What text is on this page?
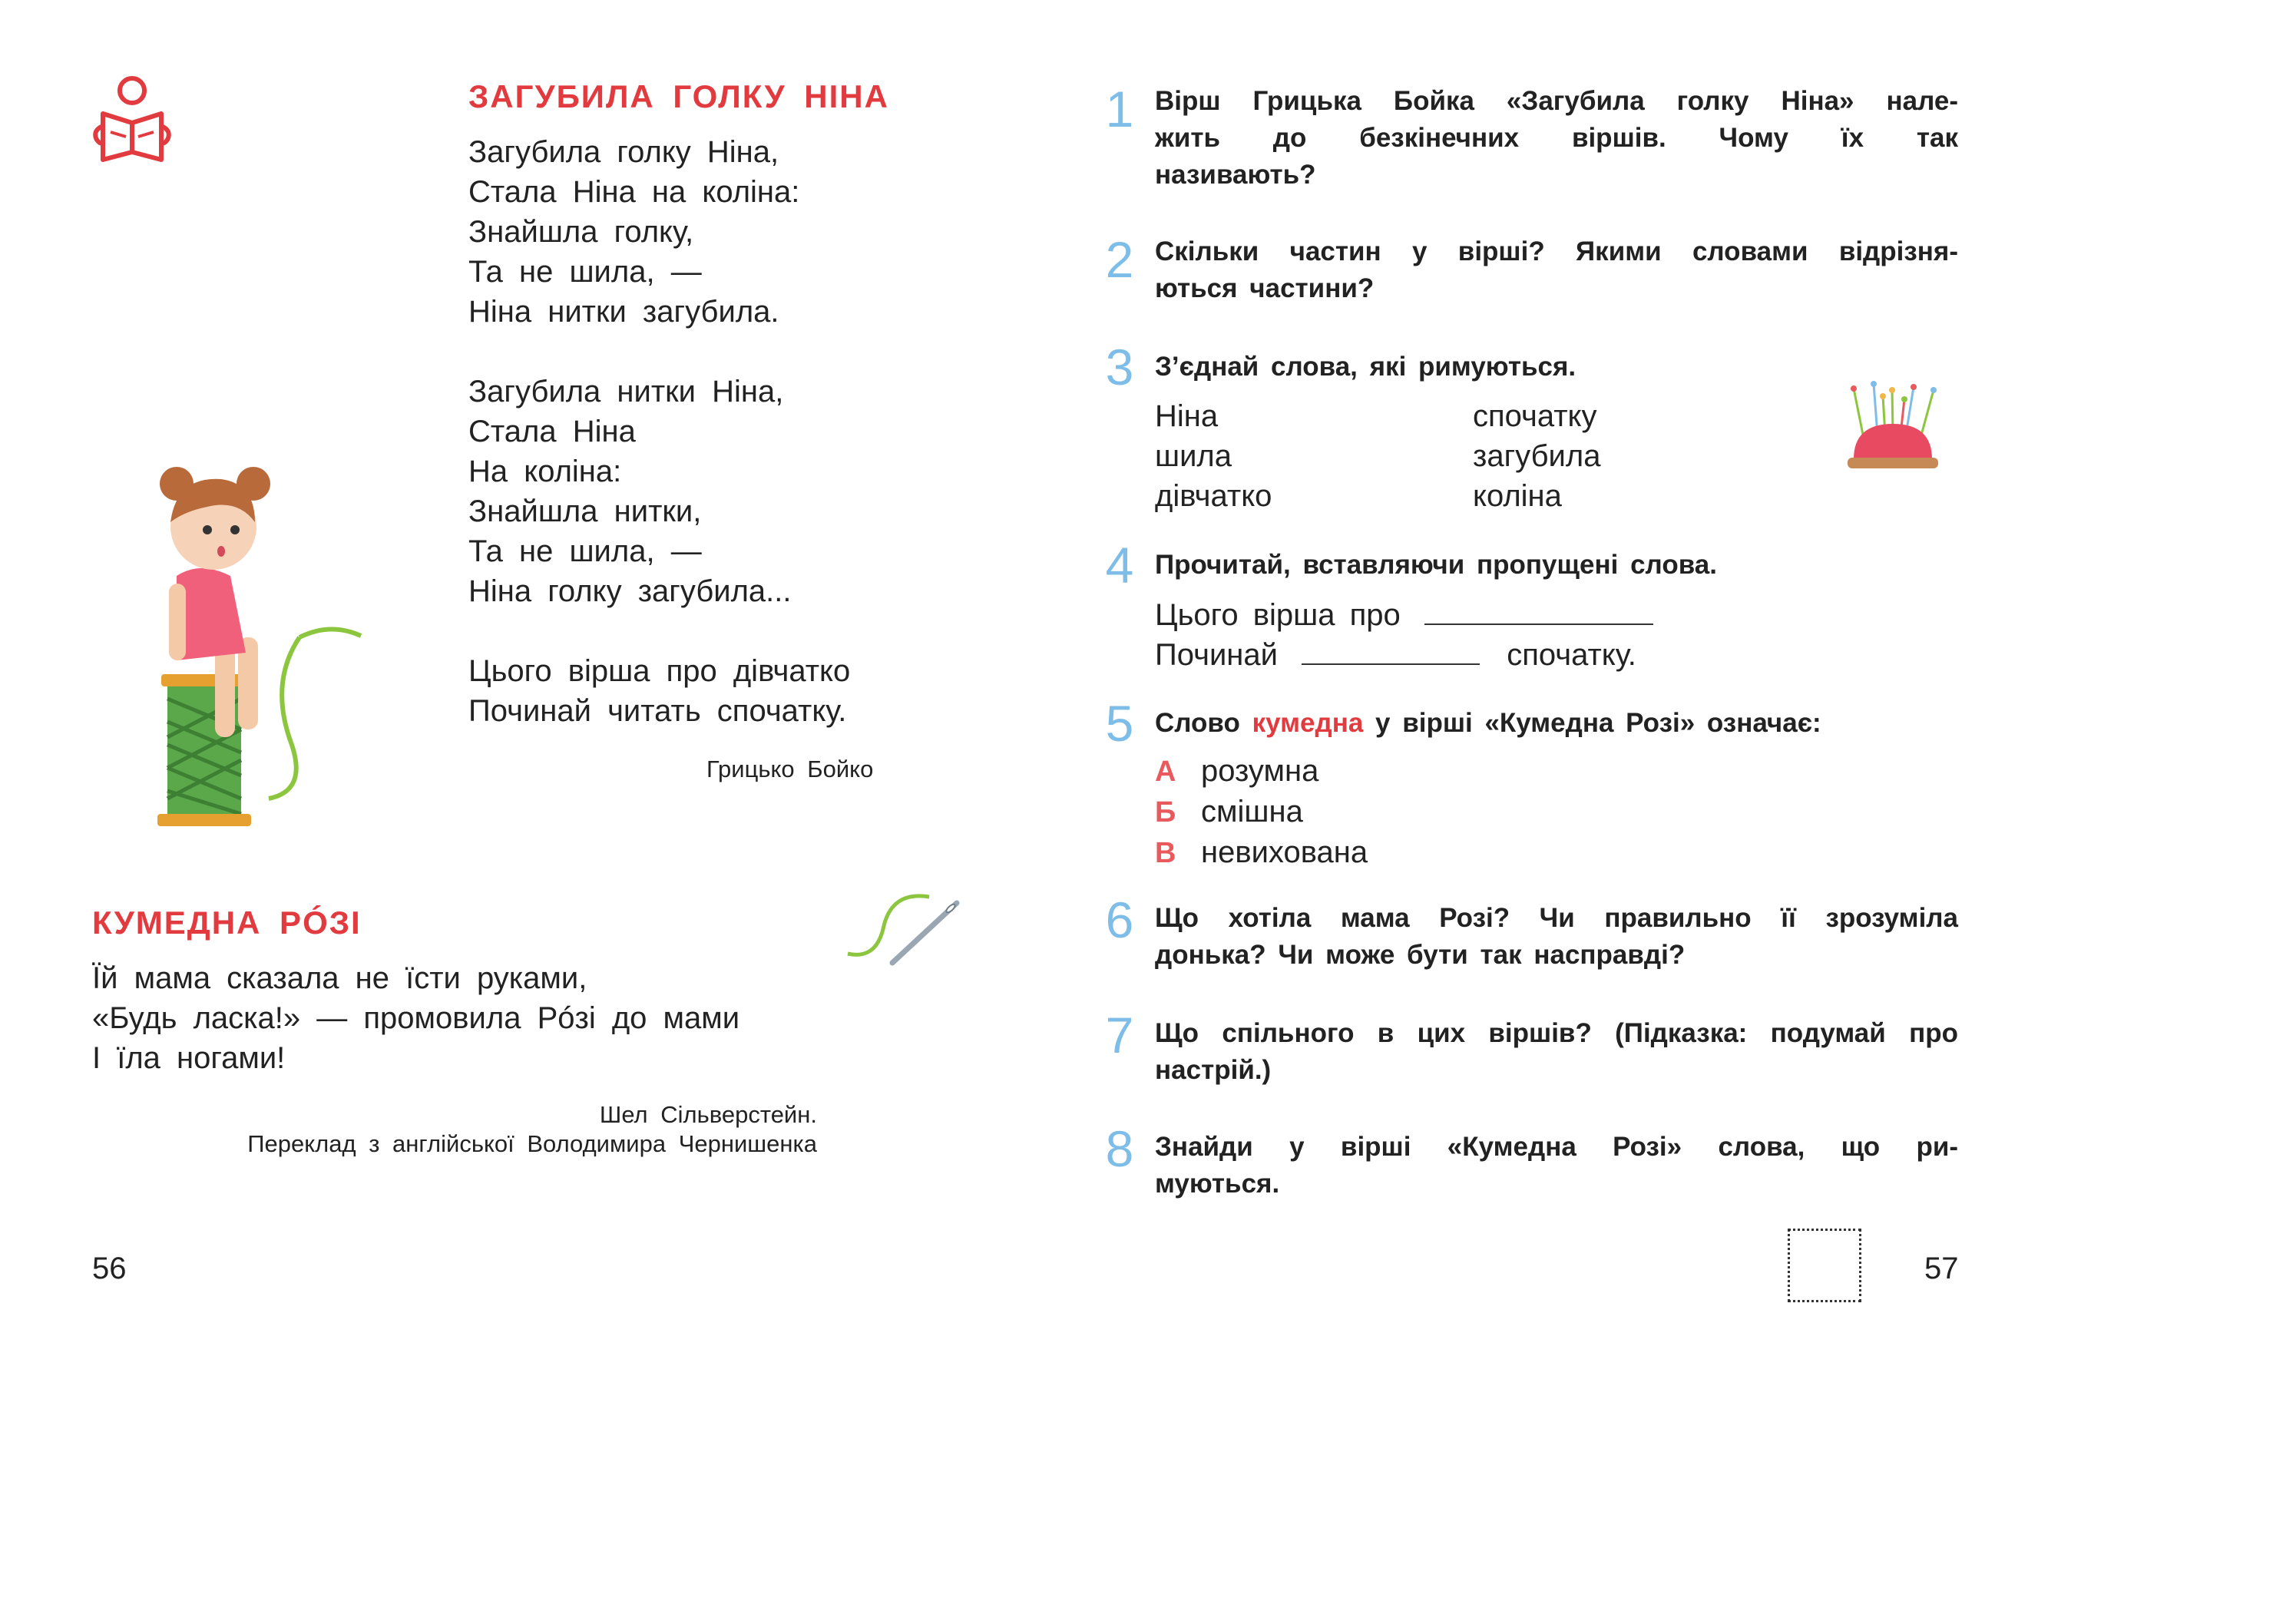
ЗАГУБИЛА ГОЛКУ НІНА
Загубила голку Ніна,
Стала Ніна на коліна:
Знайшла голку,
Та не шила, —
Ніна нитки загубила.
Загубила нитки Ніна,
Стала Ніна
На коліна:
Знайшла нитки,
Та не шила, —
Ніна голку загубила...
Цього вірша про дівчатко
Починай читать спочатку.
Грицько Бойко
КУМЕДНА РÓЗІ
Їй мама сказала не їсти руками,
«Будь ласка!» — промовила Рóзі до мами
І їла ногами!
Шел Сільверстейн.
Переклад з англійської Володимира Чернишенка
56
1 Вірш Грицька Бойка «Загубила голку Ніна» нале-
жить до безкінечних віршів. Чому їх так
називають?
2 Скільки частин у вірші? Якими словами відрізня-
ються частини?
3 З’єднай слова, які римуються.
Ніна
шила
дівчатко
спочатку
загубила
коліна
4 Прочитай, вставляючи пропущені слова.
Цього вірша про
Починай	спочатку.
5 Слово кумедна у вірші «Кумедна Розі» означає:
А розумна
Б смішна
В невихована
6 Що хотіла мама Розі? Чи правильно її зрозуміла
донька? Чи може бути так насправді?
7 Що спільного в цих віршів? (Підказка: подумай про
настрій.)
8 Знайди у вірші «Кумедна Розі» слова, що ри-
муються.
57
